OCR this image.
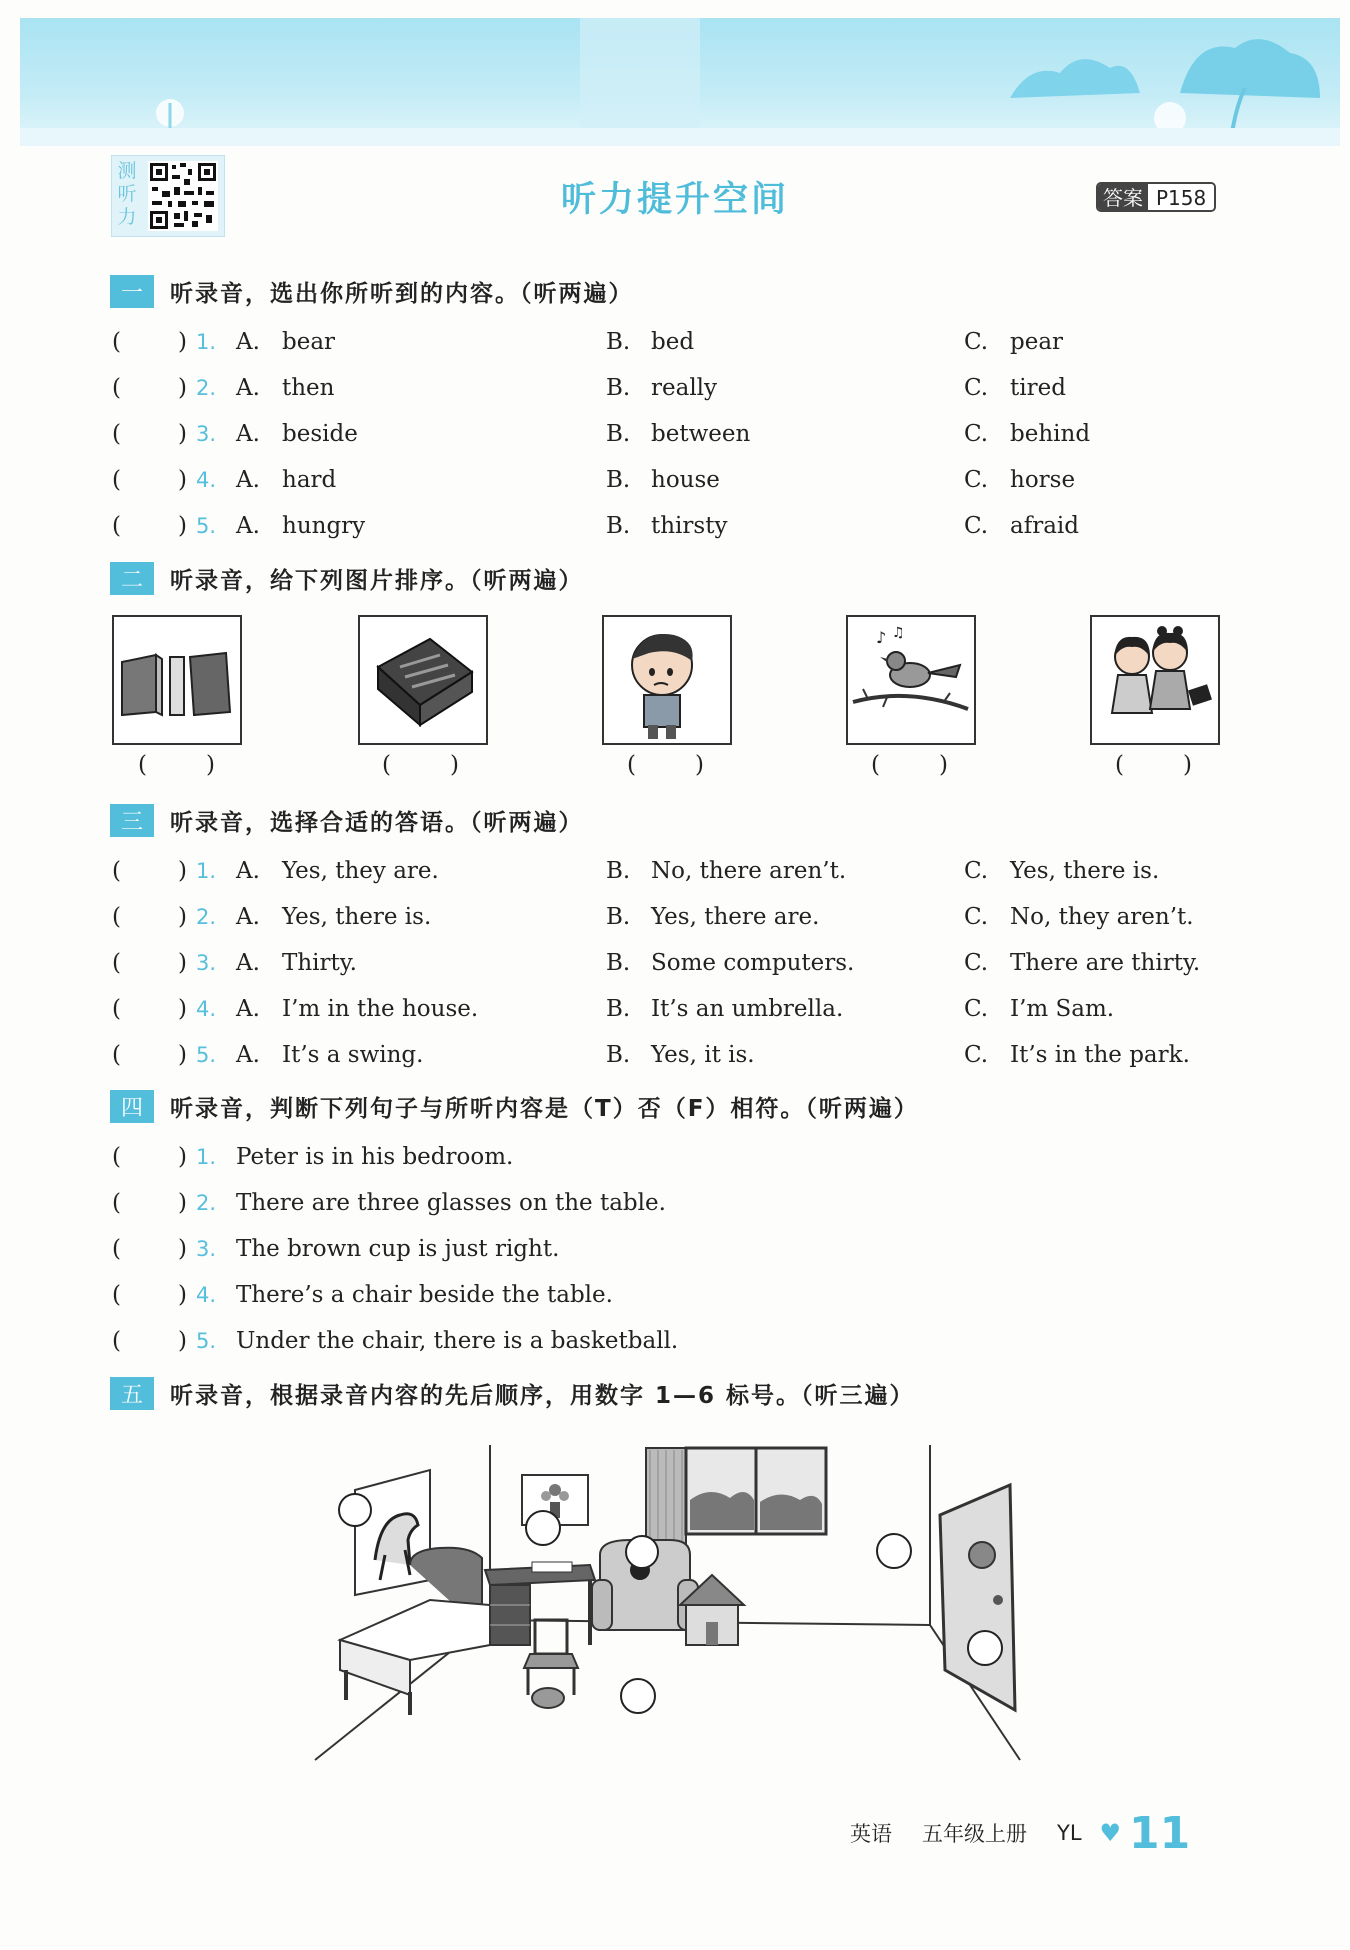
测听力	听力提升空间	答案 P158
一	听录音，选出你所听到的内容。（听两遍）
( ) 1. A. bear	B. bed	C. pear
( ) 2. A. then	B. really	C. tired
( ) 3. A. beside	B. between	C. behind
( ) 4. A. hard	B. house	C. horse
( ) 5. A. hungry	B. thirsty	C. afraid
二	听录音，给下列图片排序。（听两遍）
♪ ♫
(	)	(	)	(	)	(	)	(	)
三	听录音，选择合适的答语。（听两遍）
( ) 1. A. Yes, they are.	B. No, there aren’t.	C. Yes, there is.
( ) 2. A. Yes, there is.	B. Yes, there are.	C. No, they aren’t.
( ) 3. A. Thirty.	B. Some computers.	C. There are thirty.
( ) 4. A. I’m in the house.	B. It’s an umbrella.	C. I’m Sam.
( ) 5. A. It’s a swing.	B. Yes, it is.	C. It’s in the park.
四	听录音，判断下列句子与所听内容是（T）否（F）相符。（听两遍）
( ) 1. Peter is in his bedroom.
( ) 2. There are three glasses on the table.
( ) 3. The brown cup is just right.
( ) 4. There’s a chair beside the table.
( ) 5. Under the chair, there is a basketball.
五	听录音，根据录音内容的先后顺序，用数字 1—6 标号。（听三遍）
英语 五年级上册 YL ♥ 11
